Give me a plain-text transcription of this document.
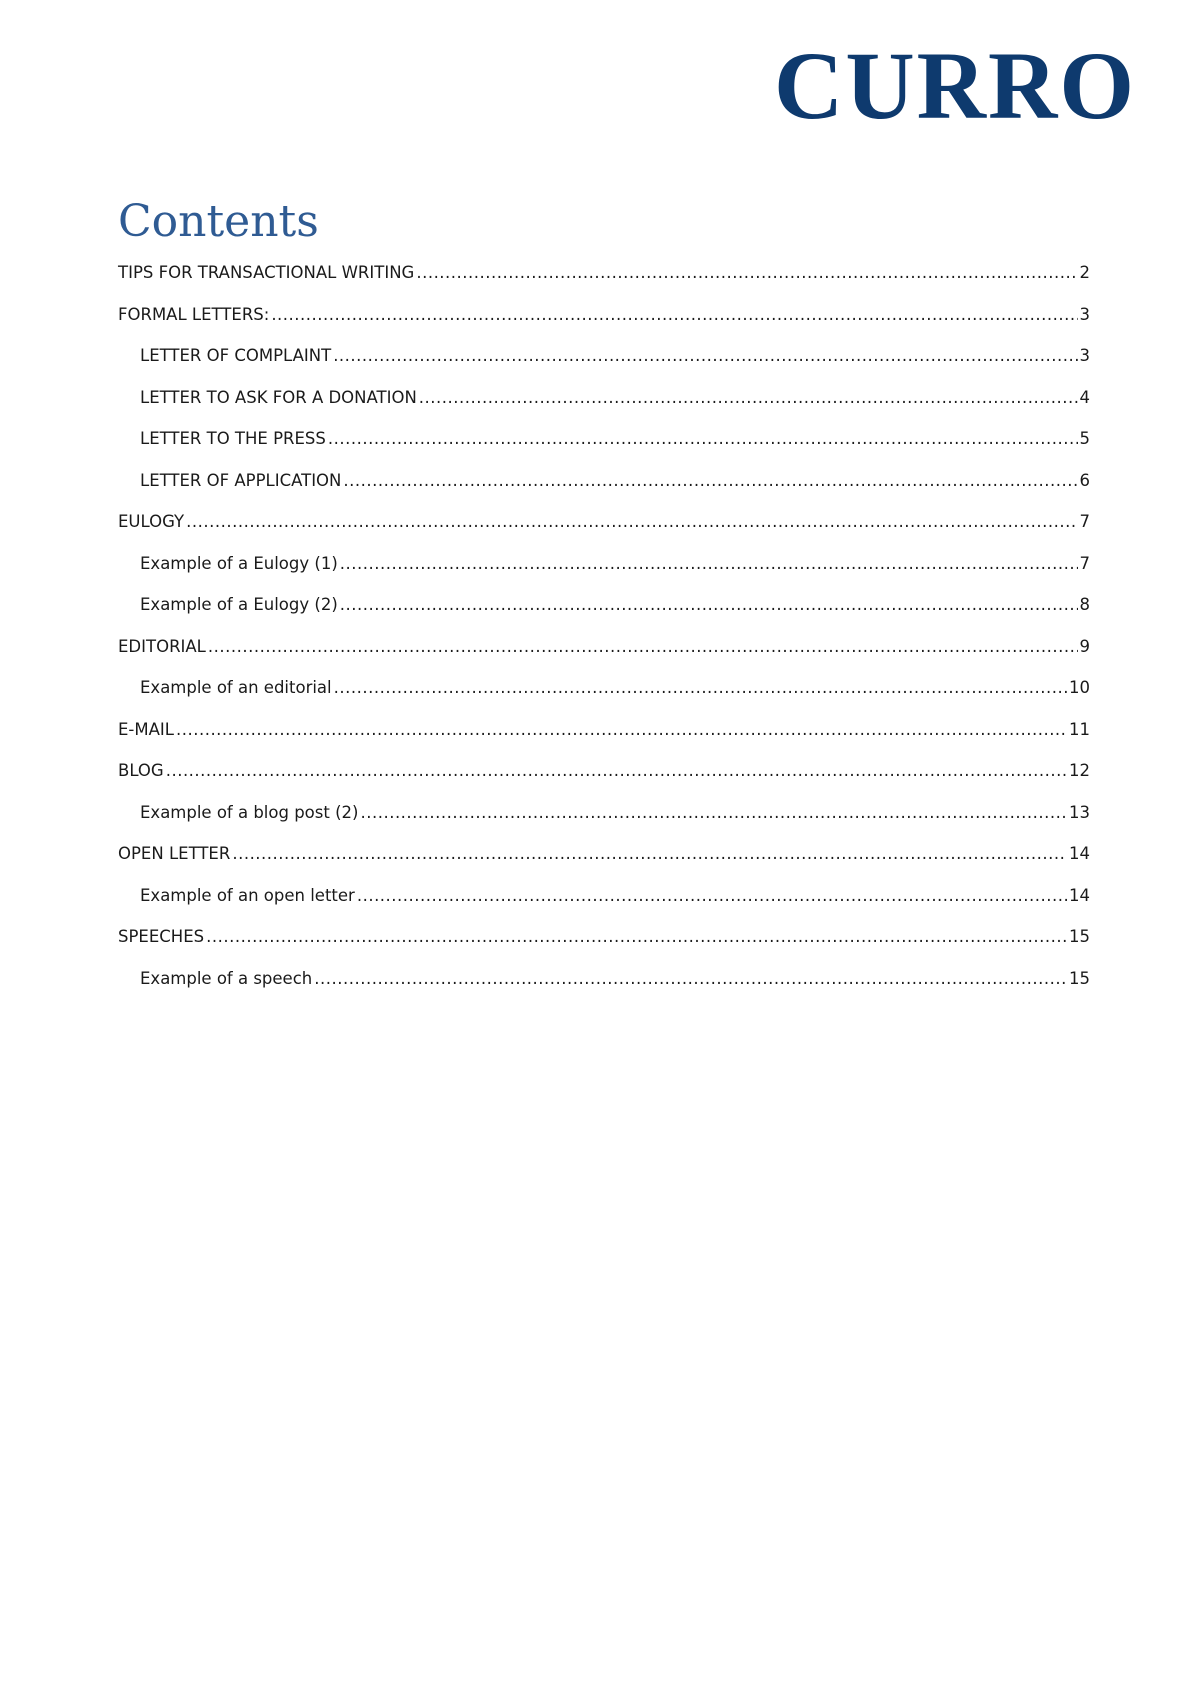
CURRO
Contents
TIPS FOR TRANSACTIONAL WRITING .....	2
FORMAL LETTERS: .....	3
LETTER OF COMPLAINT .....	3
LETTER TO ASK FOR A DONATION .....	4
LETTER TO THE PRESS .....	5
LETTER OF APPLICATION .....	6
EULOGY .....	7
Example of a Eulogy (1) .....	7
Example of a Eulogy (2) .....	8
EDITORIAL .....	9
Example of an editorial .....	10
E-MAIL .....	11
BLOG .....	12
Example of a blog post (2) .....	13
OPEN LETTER .....	14
Example of an open letter .....	14
SPEECHES .....	15
Example of a speech .....	15
